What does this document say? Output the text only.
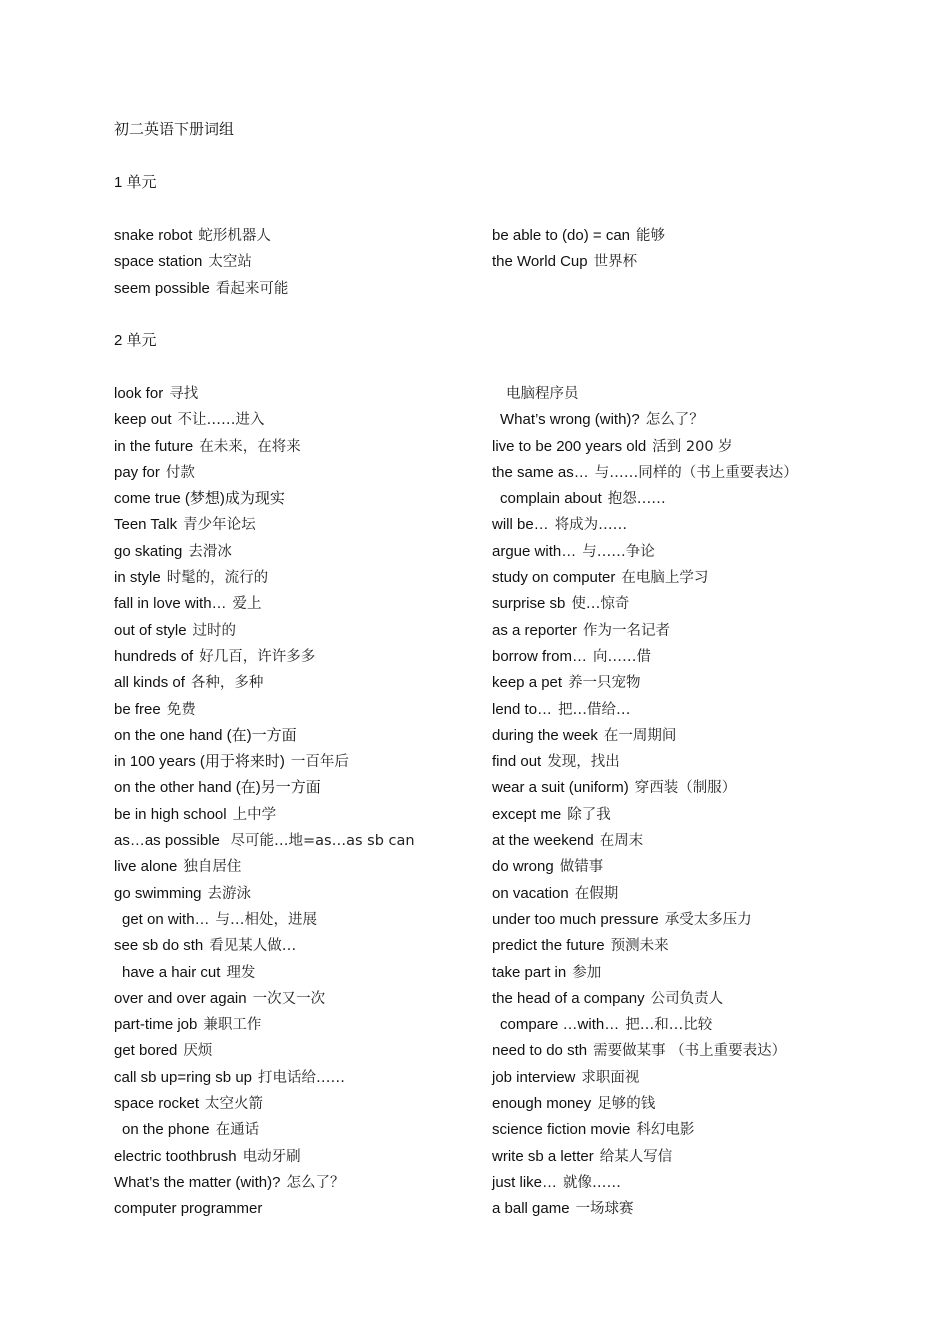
初二英语下册词组
1 单元
snake robot 蛇形机器人
space station 太空站
seem possible 看起来可能
be able to (do) = can 能够
the World Cup 世界杯
2 单元
look for 寻找
keep out 不让……进入
in the future 在未来，在将来
pay for 付款
come true (梦想)成为现实
Teen Talk 青少年论坛
go skating 去滑冰
in style 时髦的，流行的
fall in love with… 爱上
out of style 过时的
hundreds of 好几百，许许多多
all kinds of 各种，多种
be free 免费
on the one hand (在)一方面
in 100 years (用于将来时) 一百年后
on the other hand (在)另一方面
be in high school 上中学
as…as possible 尽可能…地=as…as sb can
live alone 独自居住
go swimming 去游泳
get on with… 与…相处，进展
see sb do sth 看见某人做…
have a hair cut 理发
over and over again 一次又一次
part-time job 兼职工作
get bored 厌烦
call sb up=ring sb up 打电话给……
space rocket 太空火箭
on the phone 在通话
electric toothbrush 电动牙刷
What’s the matter (with)? 怎么了？
computer programmer
电脑程序员
What’s wrong (with)? 怎么了？
live to be 200 years old 活到 200 岁
the same as… 与……同样的（书上重要表达）
complain about 抱怨……
will be… 将成为……
argue with… 与……争论
study on computer 在电脑上学习
surprise sb 使…惊奇
as a reporter 作为一名记者
borrow from… 向……借
keep a pet 养一只宠物
lend to… 把…借给…
during the week 在一周期间
find out 发现，找出
wear a suit (uniform) 穿西装（制服）
except me 除了我
at the weekend 在周末
do wrong 做错事
on vacation 在假期
under too much pressure 承受太多压力
predict the future 预测未来
take part in 参加
the head of a company 公司负责人
compare …with… 把…和…比较
need to do sth 需要做某事 （书上重要表达）
job interview 求职面视
enough money 足够的钱
science fiction movie 科幻电影
write sb a letter 给某人写信
just like… 就像……
a ball game 一场球赛
